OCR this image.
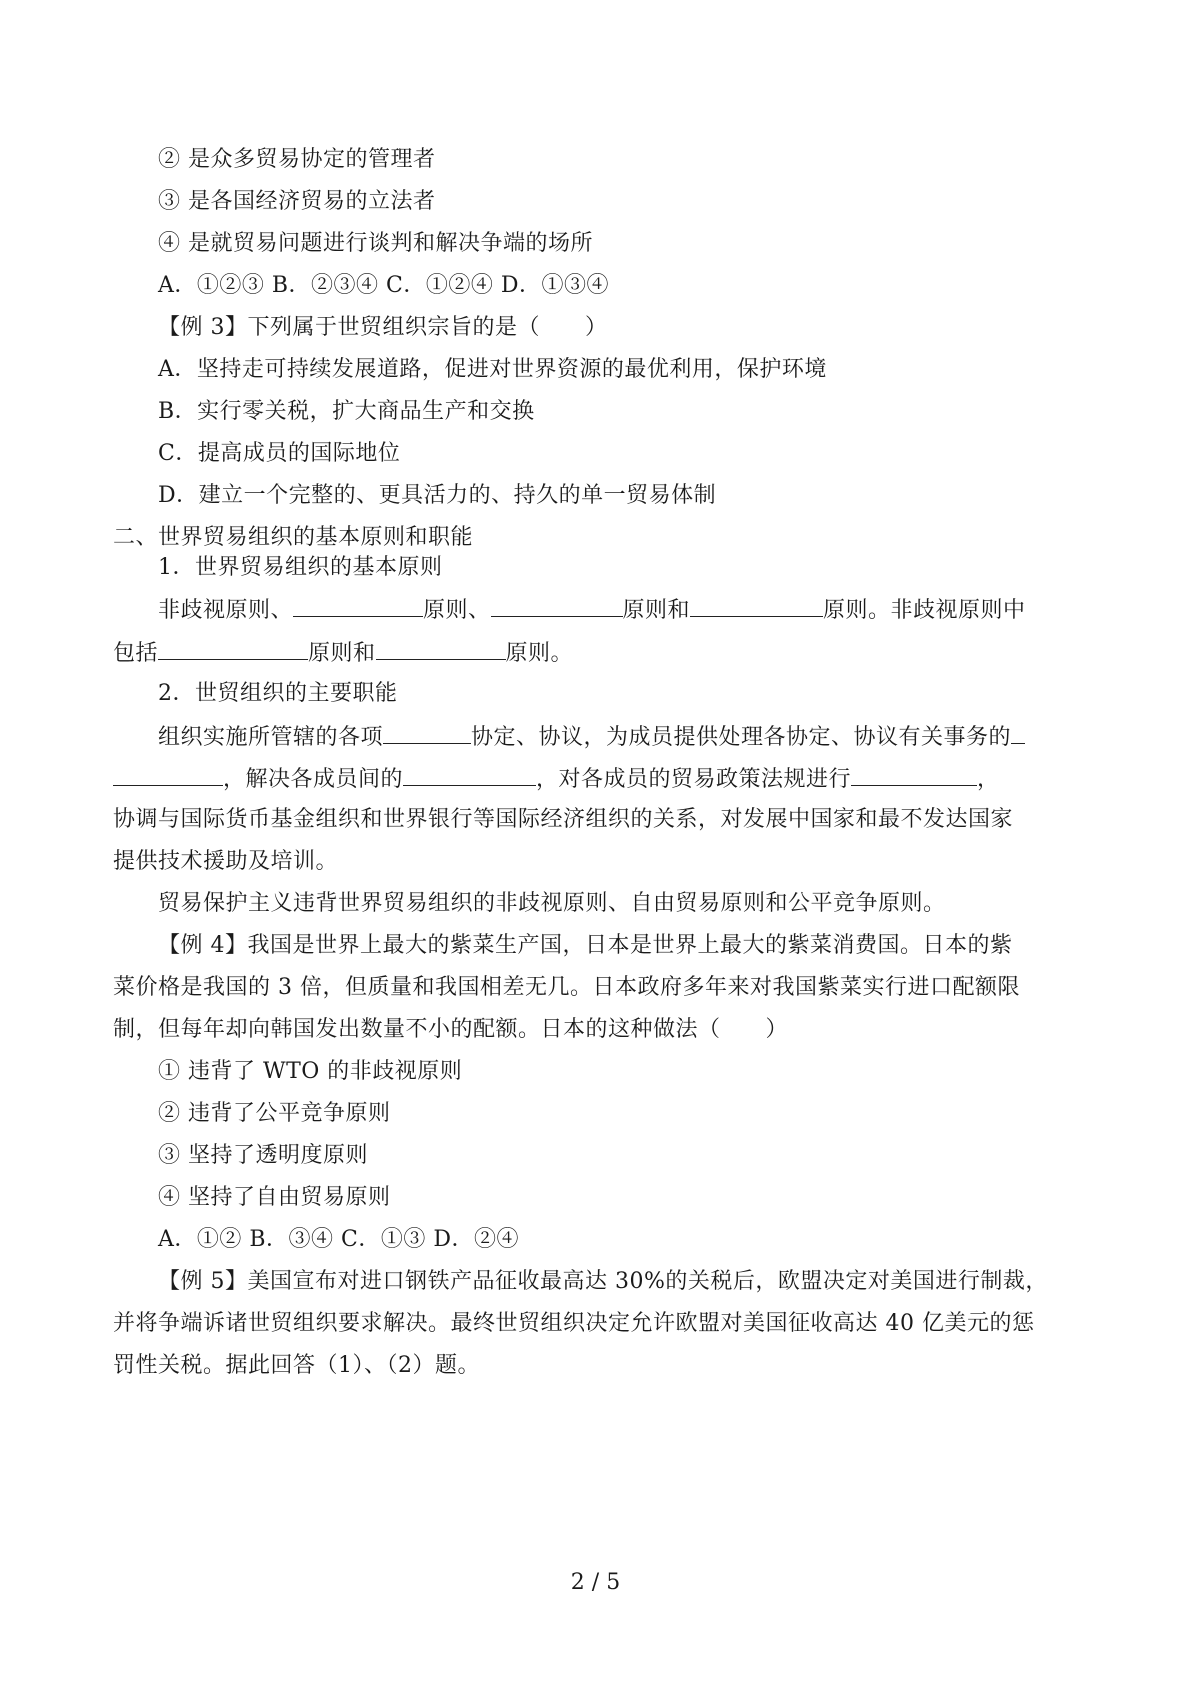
② 是众多贸易协定的管理者
③ 是各国经济贸易的立法者
④ 是就贸易问题进行谈判和解决争端的场所
A．①②③ B．②③④ C．①②④ D．①③④
【例 3】下列属于世贸组织宗旨的是（　　）
A．坚持走可持续发展道路，促进对世界资源的最优利用，保护环境
B．实行零关税，扩大商品生产和交换
C．提高成员的国际地位
D．建立一个完整的、更具活力的、持久的单一贸易体制
二、世界贸易组织的基本原则和职能
1．世界贸易组织的基本原则
非歧视原则、	原则、	原则和	原则。非歧视原则中
包括	原则和	原则。
2．世贸组织的主要职能
组织实施所管辖的各项	协定、协议，为成员提供处理各协定、协议有关事务的
，解决各成员间的	，对各成员的贸易政策法规进行	，
协调与国际货币基金组织和世界银行等国际经济组织的关系，对发展中国家和最不发达国家
提供技术援助及培训。
贸易保护主义违背世界贸易组织的非歧视原则、自由贸易原则和公平竞争原则。
【例 4】我国是世界上最大的紫菜生产国，日本是世界上最大的紫菜消费国。日本的紫
菜价格是我国的 3 倍，但质量和我国相差无几。日本政府多年来对我国紫菜实行进口配额限
制，但每年却向韩国发出数量不小的配额。日本的这种做法（　　）
① 违背了 WTO 的非歧视原则
② 违背了公平竞争原则
③ 坚持了透明度原则
④ 坚持了自由贸易原则
A．①② B．③④ C．①③ D．②④
【例 5】美国宣布对进口钢铁产品征收最高达 30%的关税后，欧盟决定对美国进行制裁，
并将争端诉诸世贸组织要求解决。最终世贸组织决定允许欧盟对美国征收高达 40 亿美元的惩
罚性关税。据此回答（1）、（2）题。
2 / 5
